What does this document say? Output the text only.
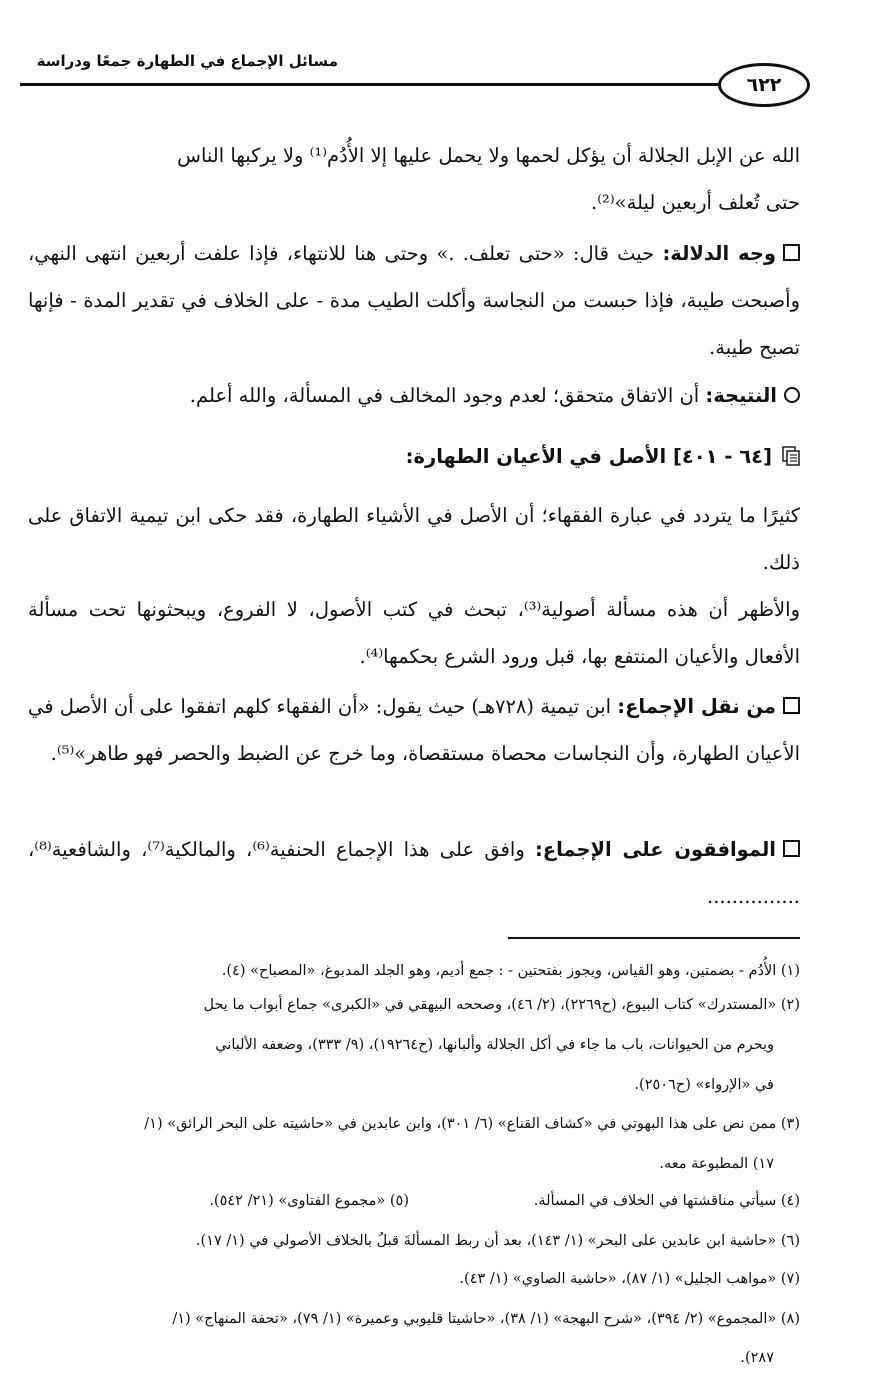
مسائل الإجماع في الطهارة جمعًا ودراسة
٦٢٢
الله عن الإبل الجلالة أن يؤكل لحمها ولا يحمل عليها إلا الأُدُم⁽¹⁾ ولا يركبها الناس
حتى تُعلف أربعين ليلة»⁽²⁾.
وجه الدلالة: حيث قال: «حتى تعلف. .» وحتى هنا للانتهاء، فإذا علفت أربعين انتهى النهي، وأصبحت طيبة، فإذا حبست من النجاسة وأكلت الطيب مدة - على الخلاف في تقدير المدة - فإنها تصبح طيبة.
النتيجة: أن الاتفاق متحقق؛ لعدم وجود المخالف في المسألة، والله أعلم.
[٦٤ - ٤٠١] الأصل في الأعيان الطهارة:
كثيرًا ما يتردد في عبارة الفقهاء؛ أن الأصل في الأشياء الطهارة، فقد حكى ابن تيمية الاتفاق على ذلك.
والأظهر أن هذه مسألة أصولية⁽³⁾، تبحث في كتب الأصول، لا الفروع، ويبحثونها تحت مسألة الأفعال والأعيان المنتفع بها، قبل ورود الشرع بحكمها⁽⁴⁾.
من نقل الإجماع: ابن تيمية (٧٢٨هـ) حيث يقول: «أن الفقهاء كلهم اتفقوا على أن الأصل في الأعيان الطهارة، وأن النجاسات محصاة مستقصاة، وما خرج عن الضبط والحصر فهو طاهر»⁽⁵⁾.
الموافقون على الإجماع: وافق على هذا الإجماع الحنفية⁽⁶⁾، والمالكية⁽⁷⁾، والشافعية⁽⁸⁾، ...............

(١) الأُدُم - بضمتين، وهو القياس، ويجوز بفتحتين - : جمع أديم، وهو الجلد المدبوغ، «المصباح» (٤).

(٢) «المستدرك» كتاب البيوع، (ح٢٢٦٩)، (٢/ ٤٦)، وصححه البيهقي في «الكبرى» جماع أبواب ما يحل

ويحرم من الحيوانات، باب ما جاء في أكل الجلالة وألبانها، (ح١٩٢٦٤)، (٩/ ٣٣٣)، وضعفه الألباني

في «الإرواء» (ح٢٥٠٦).

(٣) ممن نص على هذا البهوتي في «كشاف القناع» (٦/ ٣٠١)، وابن عابدين في «حاشيته على البحر الرائق» (١/

١٧) المطبوعة معه.

(٤) سيأتي مناقشتها في الخلاف في المسألة.

(٥) «مجموع الفتاوى» (٢١/ ٥٤٢).

(٦) «حاشية ابن عابدين على البحر» (١/ ١٤٣)، بعد أن ربط المسألةَ قبلُ بالخلاف الأصولي في (١/ ١٧).

(٧) «مواهب الجليل» (١/ ٨٧)، «حاشية الصاوي» (١/ ٤٣).

(٨) «المجموع» (٢/ ٣٩٤)، «شرح البهجة» (١/ ٣٨)، «حاشيتا قليوبي وعميرة» (١/ ٧٩)، «تحفة المنهاج» (١/

٢٨٧).
